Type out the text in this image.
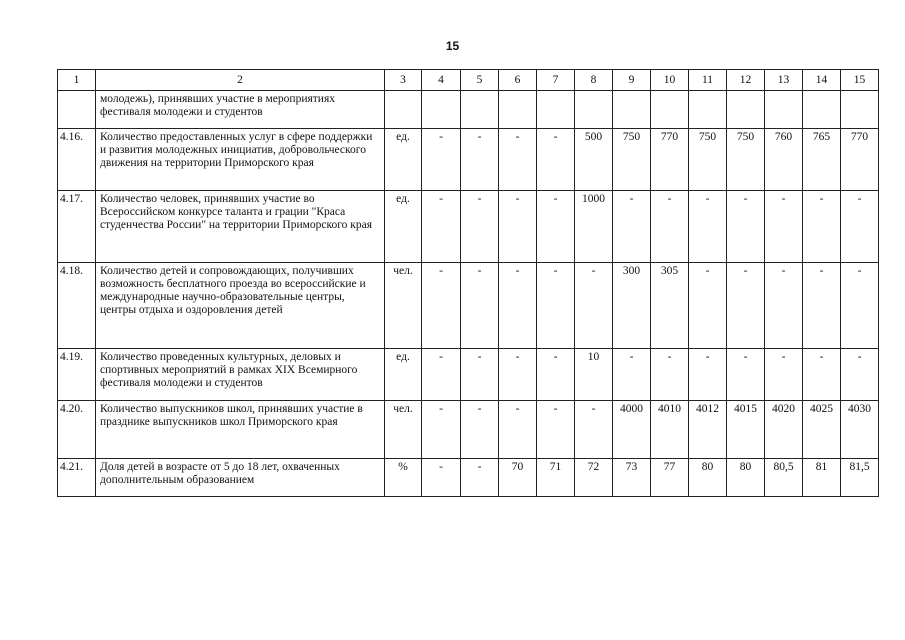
15
1	2	3	4	5	6	7	8	9	10	11	12	13	14	15
	молодежь), принявших участие в мероприятиях фестиваля молодежи и студентов													
4.16.	Количество предоставленных услуг в сфере поддержки и развития молодежных инициатив, добровольческого движения на территории Приморского края	ед.	-	-	-	-	500	750	770	750	750	760	765	770
4.17.	Количество человек, принявших участие во Всероссийском конкурсе таланта и грации "Краса студенчества России" на территории Приморского края	ед.	-	-	-	-	1000	-	-	-	-	-	-	-
4.18.	Количество детей и сопровождающих, получивших возможность бесплатного проезда во всероссийские и международные научно-образовательные центры, центры отдыха и оздоровления детей	чел.	-	-	-	-	-	300	305	-	-	-	-	-
4.19.	Количество проведенных культурных, деловых и спортивных мероприятий в рамках XIX Всемирного фестиваля молодежи и студентов	ед.	-	-	-	-	10	-	-	-	-	-	-	-
4.20.	Количество выпускников школ, принявших участие в празднике выпускников школ Приморского края	чел.	-	-	-	-	-	4000	4010	4012	4015	4020	4025	4030
4.21.	Доля детей в возрасте от 5 до 18 лет, охваченных дополнительным образованием	%	-	-	70	71	72	73	77	80	80	80,5	81	81,5
